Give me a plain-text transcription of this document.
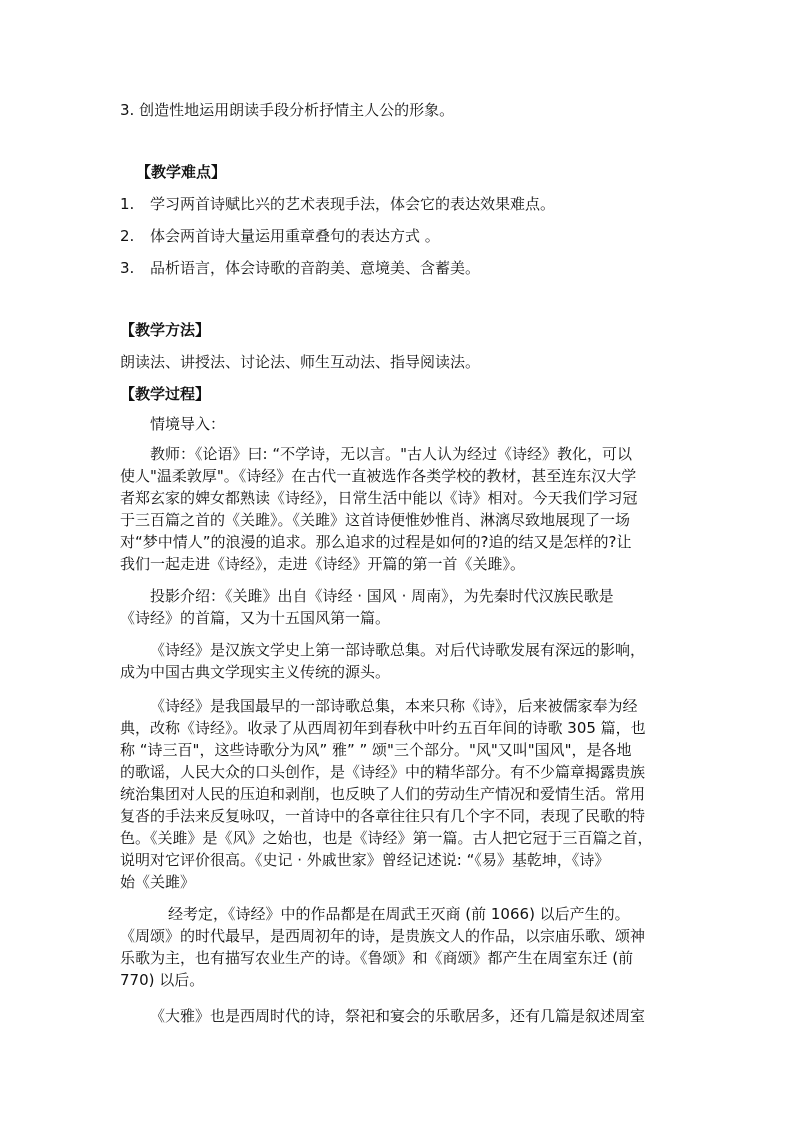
3. 创造性地运用朗读手段分析抒情主人公的形象。

【教学难点】

1. 学习两首诗赋比兴的艺术表现手法，体会它的表达效果难点。

2. 体会两首诗大量运用重章叠句的表达方式 。

3. 品析语言，体会诗歌的音韵美、意境美、含蓄美。

【教学方法】

朗读法、讲授法、讨论法、师生互动法、指导阅读法。

【教学过程】

情境导入：

教师：《论语》曰: “不学诗，无以言。"古人认为经过《诗经》教化，可以

使人"温柔敦厚"。《诗经》在古代一直被选作各类学校的教材，甚至连东汉大学

者郑玄家的婢女都熟读《诗经》，日常生活中能以《诗》相对。今天我们学习冠

于三百篇之首的《关雎》。《关雎》这首诗便惟妙惟肖、淋漓尽致地展现了一场

对“梦中情人”的浪漫的追求。那么追求的过程是如何的?追的结又是怎样的?让

我们一起走进《诗经》，走进《诗经》开篇的第一首《关雎》。

投影介绍：《关雎》出自《诗经 · 国风 · 周南》，为先秦时代汉族民歌是

《诗经》的首篇，又为十五国风第一篇。

《诗经》是汉族文学史上第一部诗歌总集。对后代诗歌发展有深远的影响，

成为中国古典文学现实主义传统的源头。

《诗经》是我国最早的一部诗歌总集，本来只称《诗》，后来被儒家奉为经

典，改称《诗经》。收录了从西周初年到春秋中叶约五百年间的诗歌 305 篇，也

称 “诗三百"，这些诗歌分为风” 雅” ” 颂"三个部分。"风"又叫"国风"，是各地

的歌谣，人民大众的口头创作，是《诗经》中的精华部分。有不少篇章揭露贵族

统治集团对人民的压迫和剥削，也反映了人们的劳动生产情况和爱情生活。常用

复沓的手法来反复咏叹，一首诗中的各章往往只有几个字不同，表现了民歌的特

色。《关雎》是《风》之始也，也是《诗经》第一篇。古人把它冠于三百篇之首，

说明对它评价很高。《史记 · 外戚世家》曾经记述说: “《易》基乾坤，《诗》

始《关雎》

经考定，《诗经》中的作品都是在周武王灭商 (前 1066) 以后产生的。

《周颂》的时代最早，是西周初年的诗，是贵族文人的作品，以宗庙乐歌、颂神

乐歌为主，也有描写农业生产的诗。《鲁颂》和《商颂》都产生在周室东迁 (前

770) 以后。

《大雅》也是西周时代的诗，祭祀和宴会的乐歌居多，还有几篇是叙述周室
